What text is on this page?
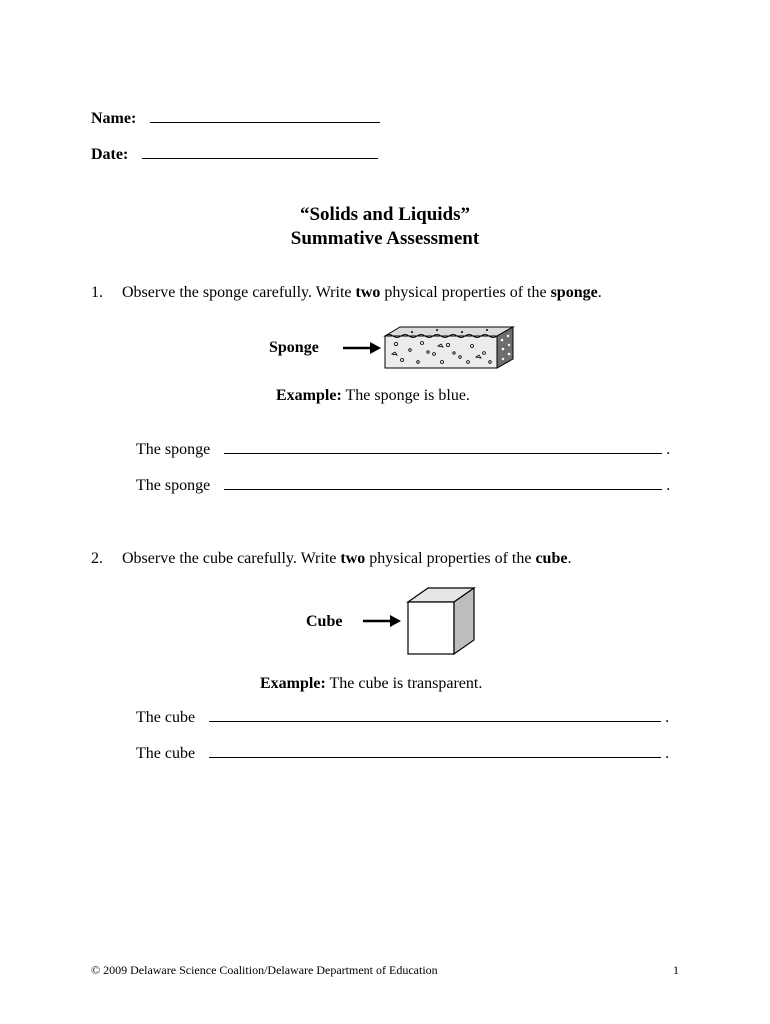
Name:
Date:
“Solids and Liquids”
Summative Assessment
1. Observe the sponge carefully. Write two physical properties of the sponge.
Sponge
Example: The sponge is blue.
The sponge	.
The sponge	.
2. Observe the cube carefully. Write two physical properties of the cube.
Cube
Example: The cube is transparent.
The cube	.
The cube	.
© 2009 Delaware Science Coalition/Delaware Department of Education	1
